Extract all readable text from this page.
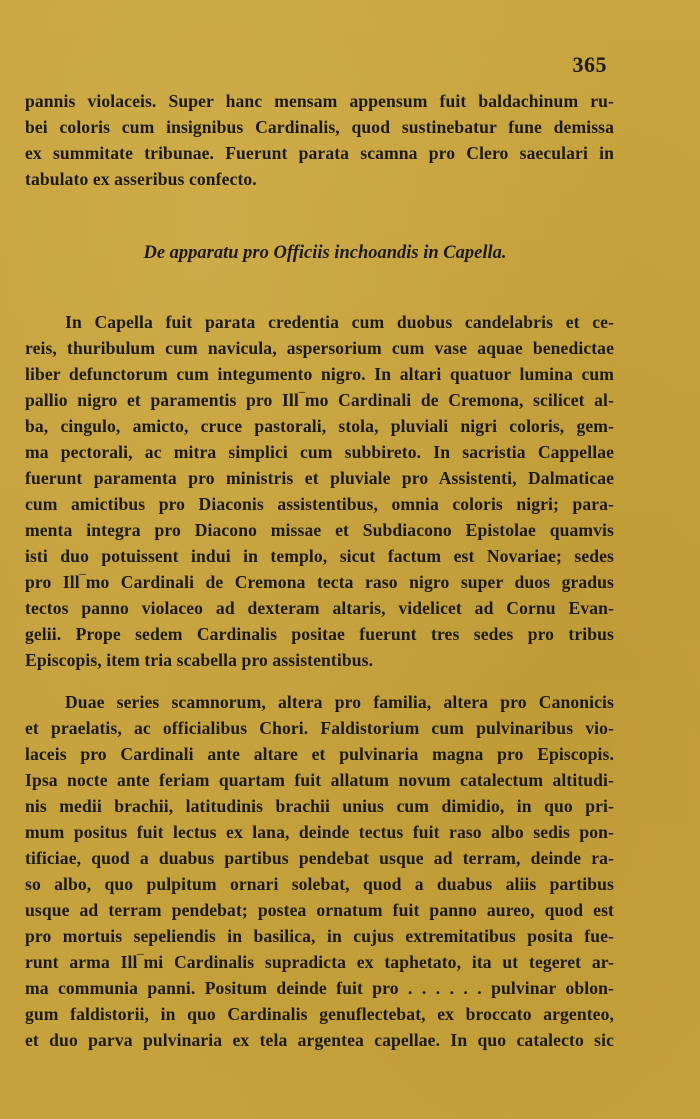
365
pannis violaceis. Super hanc mensam appensum fuit baldachinum ru-
bei coloris cum insignibus Cardinalis, quod sustinebatur fune demissa
ex summitate tribunae. Fuerunt parata scamna pro Clero saeculari in
tabulato ex asseribus confecto.
De apparatu pro Officiis inchoandis in Capella.
In Capella fuit parata credentia cum duobus candelabris et ce-
reis, thuribulum cum navicula, aspersorium cum vase aquae benedictae
liber defunctorum cum integumento nigro. In altari quatuor lumina cum
pallio nigro et paramentis pro Ill‾mo Cardinali de Cremona, scilicet al-
ba, cingulo, amicto, cruce pastorali, stola, pluviali nigri coloris, gem-
ma pectorali, ac mitra simplici cum subbireto. In sacristia Cappellae
fuerunt paramenta pro ministris et pluviale pro Assistenti, Dalmaticae
cum amictibus pro Diaconis assistentibus, omnia coloris nigri; para-
menta integra pro Diacono missae et Subdiacono Epistolae quamvis
isti duo potuissent indui in templo, sicut factum est Novariae; sedes
pro Ill‾mo Cardinali de Cremona tecta raso nigro super duos gradus
tectos panno violaceo ad dexteram altaris, videlicet ad Cornu Evan-
gelii. Prope sedem Cardinalis positae fuerunt tres sedes pro tribus
Episcopis, item tria scabella pro assistentibus.
Duae series scamnorum, altera pro familia, altera pro Canonicis
et praelatis, ac officialibus Chori. Faldistorium cum pulvinaribus vio-
laceis pro Cardinali ante altare et pulvinaria magna pro Episcopis.
Ipsa nocte ante feriam quartam fuit allatum novum catalectum altitudi-
nis medii brachii, latitudinis brachii unius cum dimidio, in quo pri-
mum positus fuit lectus ex lana, deinde tectus fuit raso albo sedis pon-
tificiae, quod a duabus partibus pendebat usque ad terram, deinde ra-
so albo, quo pulpitum ornari solebat, quod a duabus aliis partibus
usque ad terram pendebat; postea ornatum fuit panno aureo, quod est
pro mortuis sepeliendis in basilica, in cujus extremitatibus posita fue-
runt arma Ill‾mi Cardinalis supradicta ex taphetato, ita ut tegeret ar-
ma communia panni. Positum deinde fuit pro . . . . . . pulvinar oblon-
gum faldistorii, in quo Cardinalis genuflectebat, ex broccato argenteo,
et duo parva pulvinaria ex tela argentea capellae. In quo catalecto sic
